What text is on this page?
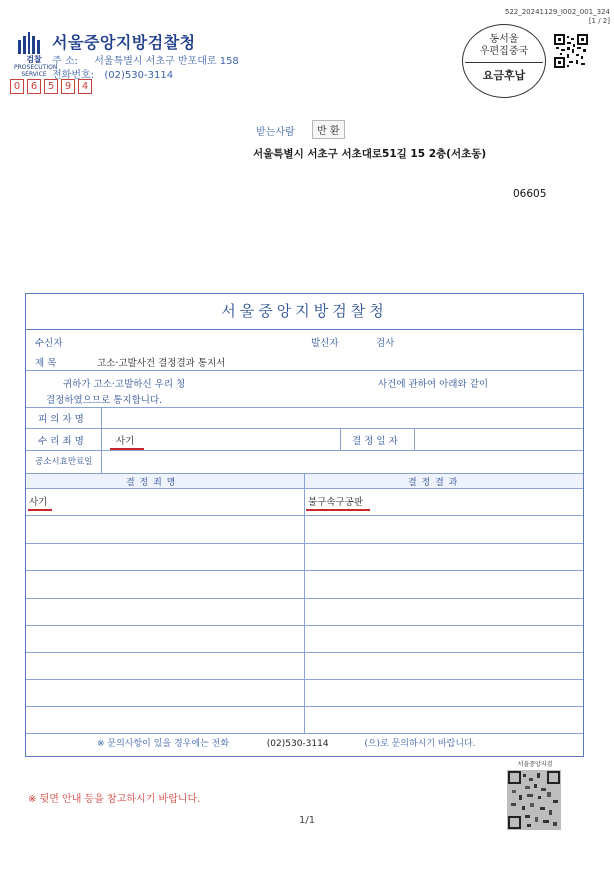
검찰
PROSECUTION SERVICE
서울중앙지방검찰청
주 소: 서울특별시 서초구 반포대로 158
전화번호: (02)530-3114
0	6	5	9	4
522_20241129_I002_001_324
[1 / 2]
동서울
우편집중국
요금후납
받는사람	반 환
서울특별시 서초구 서초대로51길 15 2층(서초동)
06605
서울중앙지방검찰청
수신자	발신자	검사
제 목	고소·고발사건 결정결과 통지서
귀하가 고소·고발하신 우리 청	사건에 관하여 아래와 같이
결정하였으므로 통지합니다.
피 의 자 명
수 리 죄 명	사기	결 정 일 자
공소시효만료일
결 정 죄 명	결 정 결 과
사기	불구속구공판
※ 문의사항이 있을 경우에는 전화	(02)530-3114	(으)로 문의하시기 바랍니다.
※ 뒷면 안내 등을 참고하시기 바랍니다.
1/1
서울중앙지검
